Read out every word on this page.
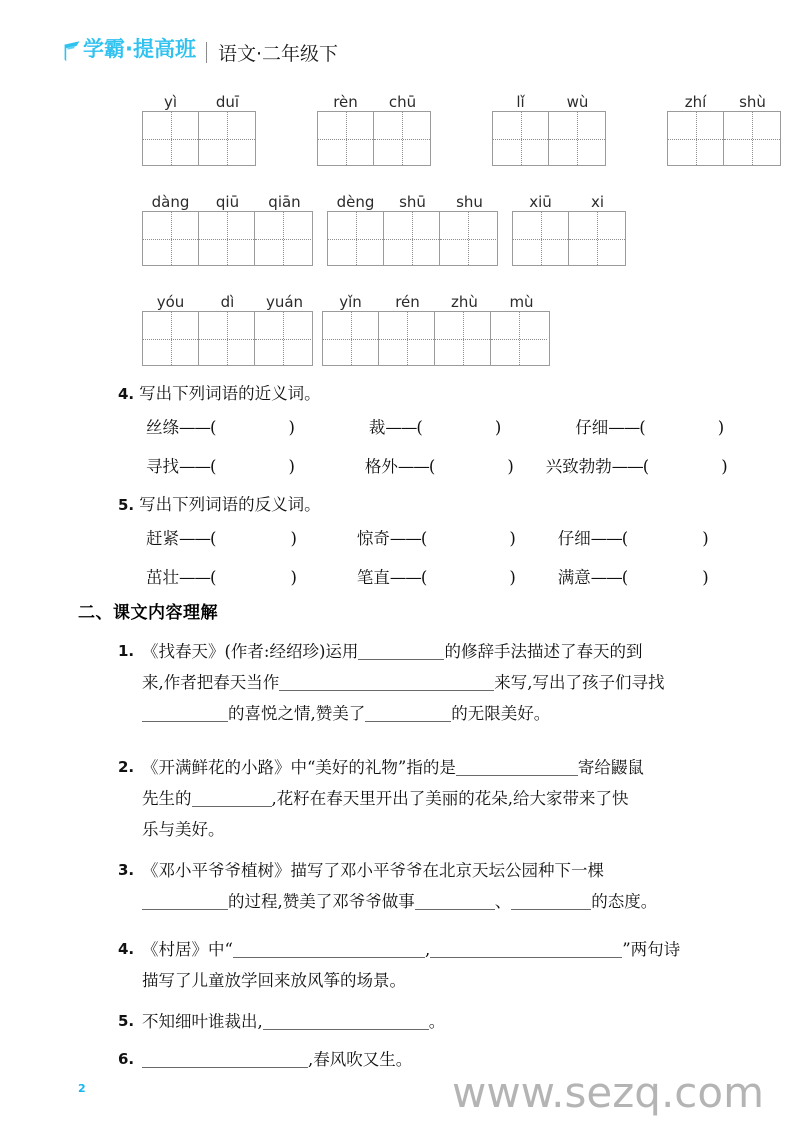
学霸·提高班 语文·二年级下
yì	duī	rèn	chū	lǐ	wù	zhí	shù
dàng	qiū	qiān	dèng	shū	shu	xiū	xi
yóu	dì	yuán	yǐn	rén	zhù	mù
4. 写出下列词语的近义词。
丝绦——(	)	裁——(	)	仔细——(	)
寻找——(	)	格外——(	) 兴致勃勃——(	)
5. 写出下列词语的反义词。
赶紧——(	)	惊奇——(	)	仔细——(	)
茁壮——(	)	笔直——(	)	满意——(	)
二、课文内容理解
1. 《找春天》(作者:经绍珍)运用	的修辞手法描述了春天的到
来,作者把春天当作	来写,写出了孩子们寻找
的喜悦之情,赞美了	的无限美好。
2. 《开满鲜花的小路》中“美好的礼物”指的是	寄给鼹鼠
先生的	,花籽在春天里开出了美丽的花朵,给大家带来了快
乐与美好。
3. 《邓小平爷爷植树》描写了邓小平爷爷在北京天坛公园种下一棵
的过程,赞美了邓爷爷做事	、	的态度。
4. 《村居》中“	,	”两句诗
描写了儿童放学回来放风筝的场景。
5. 不知细叶谁裁出,	。
6.	,春风吹又生。
2	www.sezq.com
